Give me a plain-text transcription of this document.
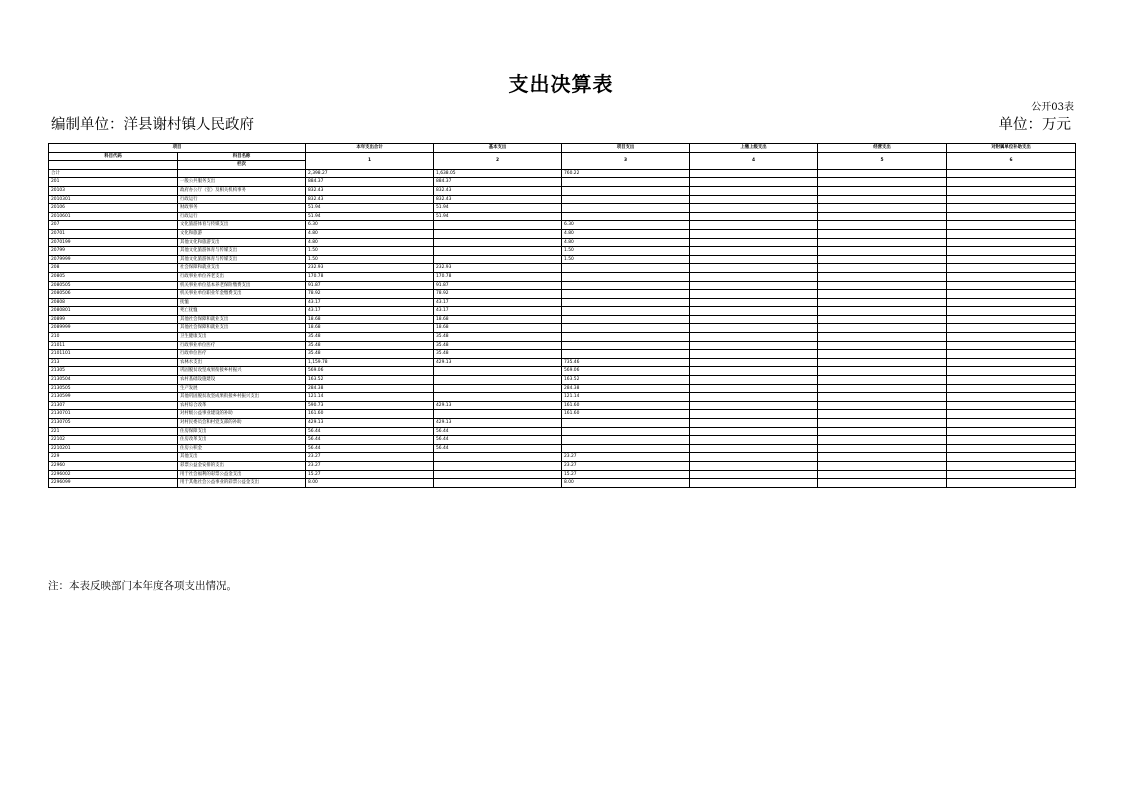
支出决算表
公开03表
编制单位：洋县谢村镇人民政府	单位：万元
项目		本年支出合计	基本支出	项目支出	上缴上级支出	经营支出	对附属单位补助支出
科目代码	科目名称	1	2	3	4	5	6
	栏次						
合计		2,398.27	1,638.05	760.22			
201	一般公共服务支出	884.37	884.37				
20103	政府办公厅（室）及相关机构事务	832.43	832.43				
2010301	行政运行	832.43	832.43				
20106	财政事务	51.94	51.94				
2010601	行政运行	51.94	51.94				
207	文化旅游体育与传媒支出	6.30		6.30			
20701	文化和旅游	4.80		4.80			
2070199	其他文化和旅游支出	4.80		4.80			
20799	其他文化旅游体育与传媒支出	1.50		1.50			
2079999	其他文化旅游体育与传媒支出	1.50		1.50			
208	社会保障和就业支出	232.93	232.93				
20805	行政事业单位养老支出	170.78	170.78				
2080505	机关事业单位基本养老保险缴费支出	91.87	91.87				
2080506	机关事业单位职业年金缴费支出	78.92	78.92				
20808	抚恤	43.17	43.17				
2080801	死亡抚恤	43.17	43.17				
20899	其他社会保障和就业支出	18.68	18.68				
2089999	其他社会保障和就业支出	18.68	18.68				
210	卫生健康支出	35.48	35.48				
21011	行政事业单位医疗	35.48	35.48				
2101101	行政单位医疗	35.48	35.48				
213	农林水支出	1,159.78	429.13	735.46			
21305	巩固脱贫攻坚成果衔接乡村振兴	569.06		569.06			
2130504	农村基础设施建设	163.52		163.52			
2130505	生产发展	284.38		284.38			
2130599	其他巩固脱贫攻坚成果衔接乡村振兴支出	121.14		121.14			
21307	农村综合改革	590.73	429.13	161.60			
2130701	对村级公益事业建设的补助	161.60		161.60			
2130705	对村民委员会和村党支部的补助	429.13	429.13				
221	住房保障支出	56.44	56.44				
22102	住房改革支出	56.44	56.44				
2210201	住房公积金	56.44	56.44				
229	其他支出	23.27		23.27			
22960	彩票公益金安排的支出	23.27		23.27			
2296002	用于社会福利的彩票公益金支出	15.27		15.27			
2296099	用于其他社会公益事业的彩票公益金支出	8.00		8.00			
注：本表反映部门本年度各项支出情况。
